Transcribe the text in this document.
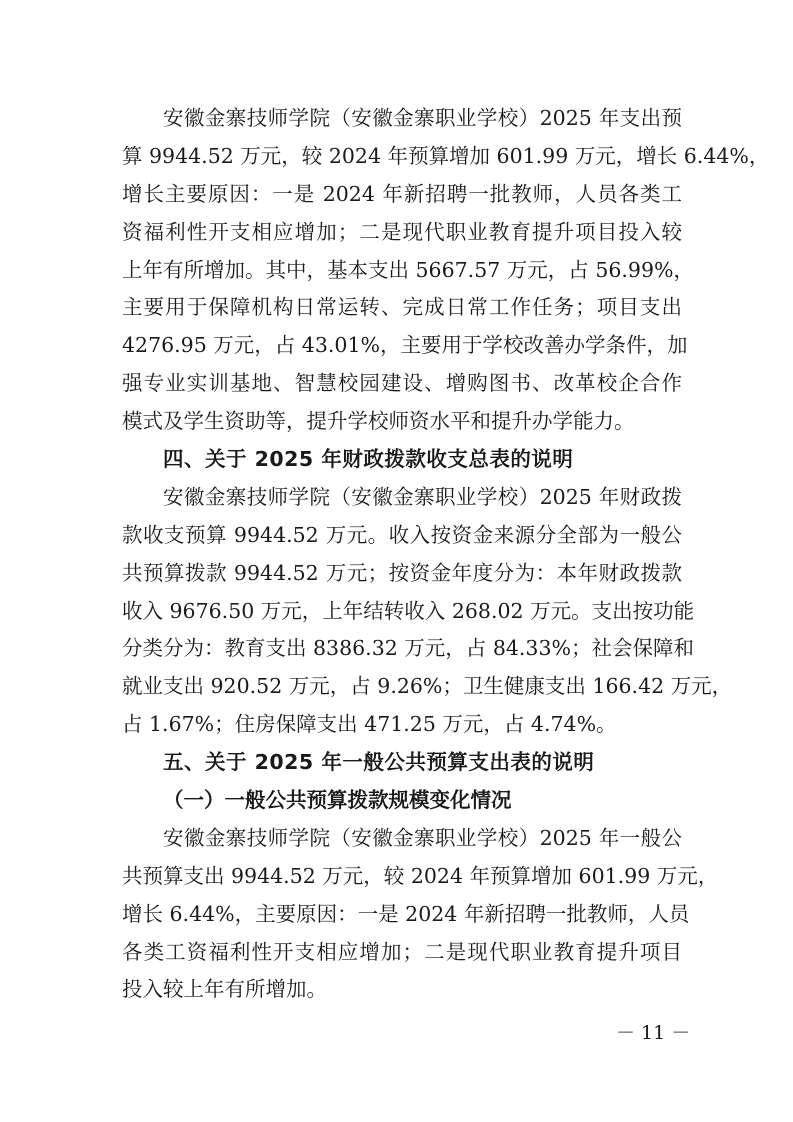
安徽金寨技师学院（安徽金寨职业学校）2025 年支出预
算 9944.52 万元，较 2024 年预算增加 601.99 万元，增长 6.44%，
增长主要原因：一是 2024 年新招聘一批教师，人员各类工
资福利性开支相应增加；二是现代职业教育提升项目投入较
上年有所增加。其中，基本支出 5667.57 万元，占 56.99%，
主要用于保障机构日常运转、完成日常工作任务；项目支出
4276.95 万元，占 43.01%，主要用于学校改善办学条件，加
强专业实训基地、智慧校园建设、增购图书、改革校企合作
模式及学生资助等，提升学校师资水平和提升办学能力。
四、关于 2025 年财政拨款收支总表的说明
安徽金寨技师学院（安徽金寨职业学校）2025 年财政拨
款收支预算 9944.52 万元。收入按资金来源分全部为一般公
共预算拨款 9944.52 万元；按资金年度分为：本年财政拨款
收入 9676.50 万元，上年结转收入 268.02 万元。支出按功能
分类分为：教育支出 8386.32 万元，占 84.33%；社会保障和
就业支出 920.52 万元，占 9.26%；卫生健康支出 166.42 万元，
占 1.67%；住房保障支出 471.25 万元，占 4.74%。
五、关于 2025 年一般公共预算支出表的说明
（一）一般公共预算拨款规模变化情况
安徽金寨技师学院（安徽金寨职业学校）2025 年一般公
共预算支出 9944.52 万元，较 2024 年预算增加 601.99 万元，
增长 6.44%，主要原因：一是 2024 年新招聘一批教师，人员
各类工资福利性开支相应增加；二是现代职业教育提升项目
投入较上年有所增加。
－ 11 －
